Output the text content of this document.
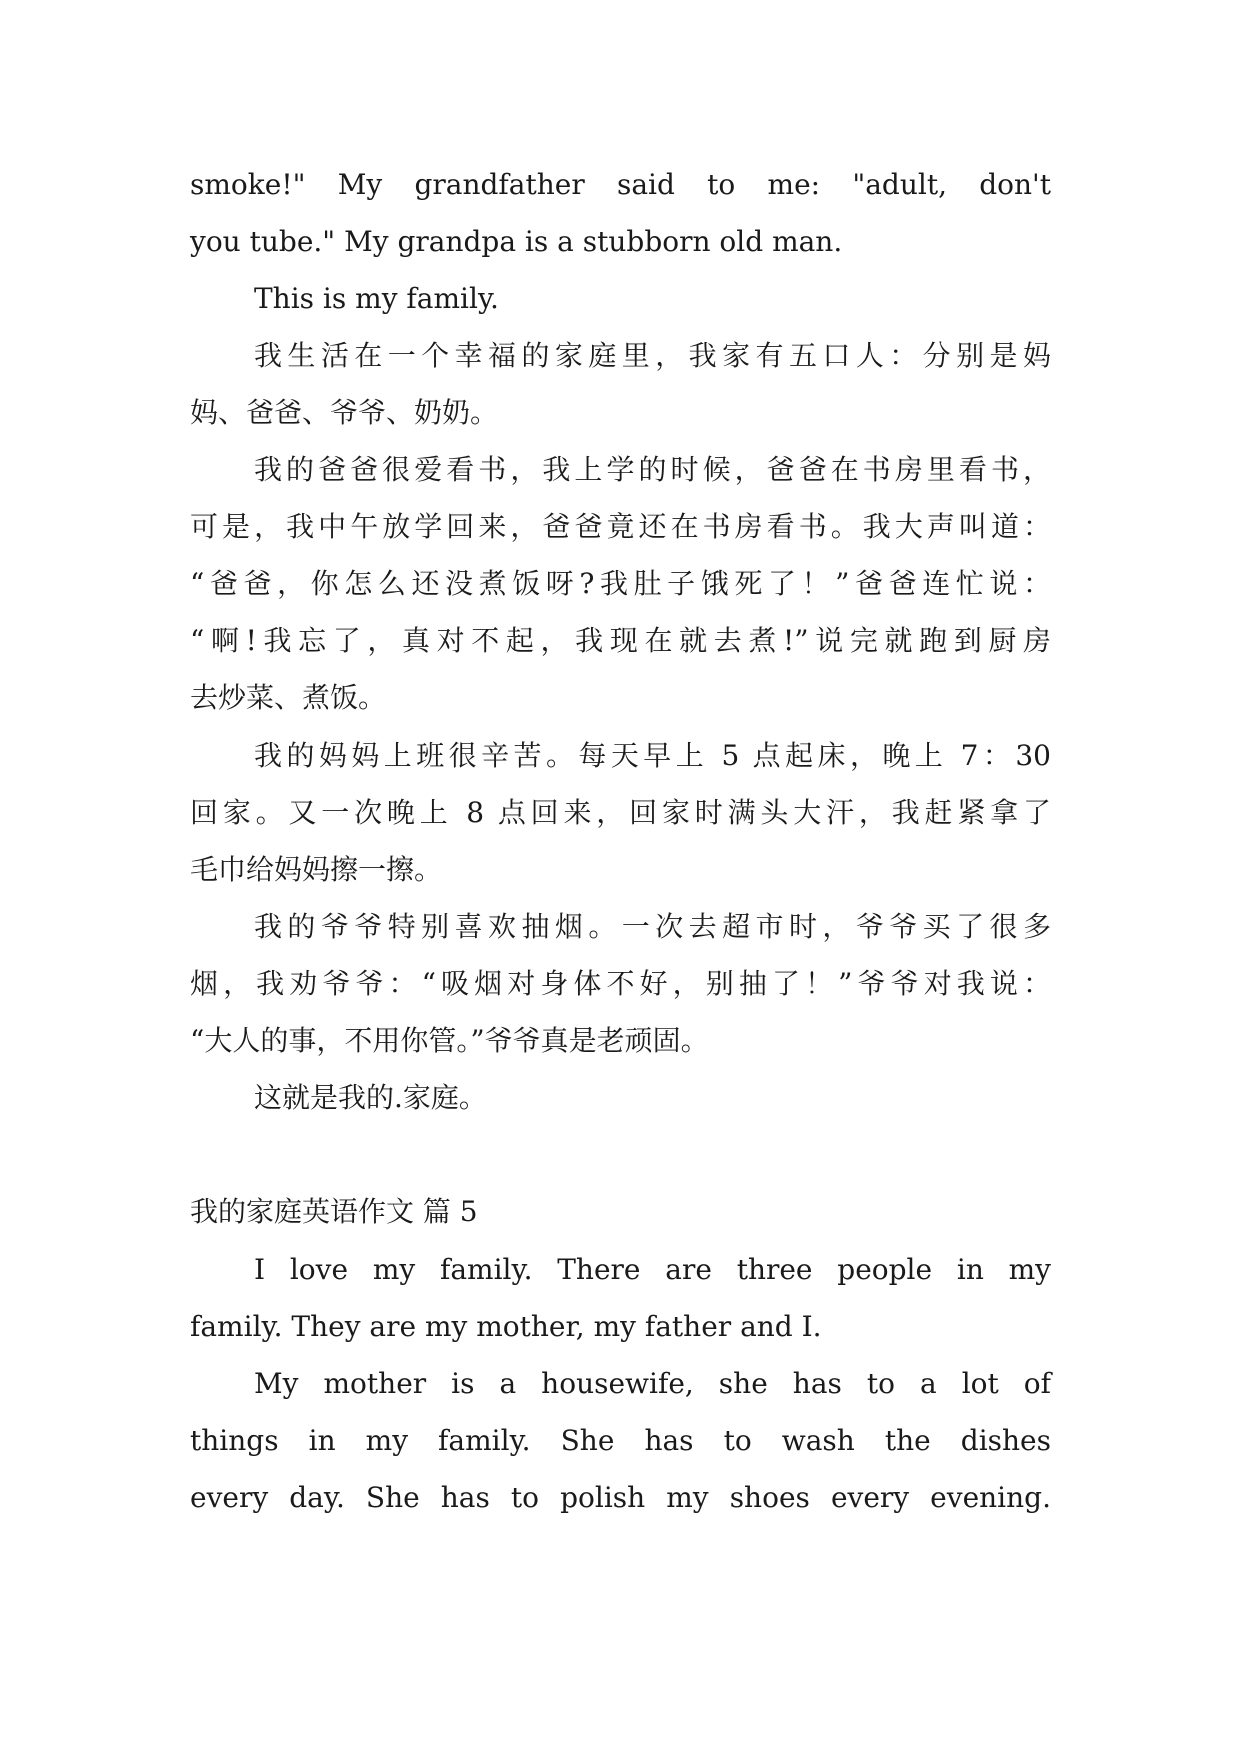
smoke!" My grandfather said to me: "adult, don't
you tube." My grandpa is a stubborn old man.
This is my family.
我生活在一个幸福的家庭里，我家有五口人：分别是妈
妈、爸爸、爷爷、奶奶。
我的爸爸很爱看书，我上学的时候，爸爸在书房里看书，
可是，我中午放学回来，爸爸竟还在书房看书。我大声叫道：
“爸爸，你怎么还没煮饭呀?我肚子饿死了！”爸爸连忙说：
“啊!我忘了，真对不起，我现在就去煮!”说完就跑到厨房
去炒菜、煮饭。
我的妈妈上班很辛苦。每天早上 5 点起床，晚上 7：30
回家。又一次晚上 8 点回来，回家时满头大汗，我赶紧拿了
毛巾给妈妈擦一擦。
我的爷爷特别喜欢抽烟。一次去超市时，爷爷买了很多
烟，我劝爷爷：“吸烟对身体不好，别抽了！”爷爷对我说：
“大人的事，不用你管。”爷爷真是老顽固。
这就是我的.家庭。
我的家庭英语作文 篇 5
I love my family. There are three people in my
family. They are my mother, my father and I.
My mother is a housewife, she has to a lot of
things in my family. She has to wash the dishes
every day. She has to polish my shoes every evening.
